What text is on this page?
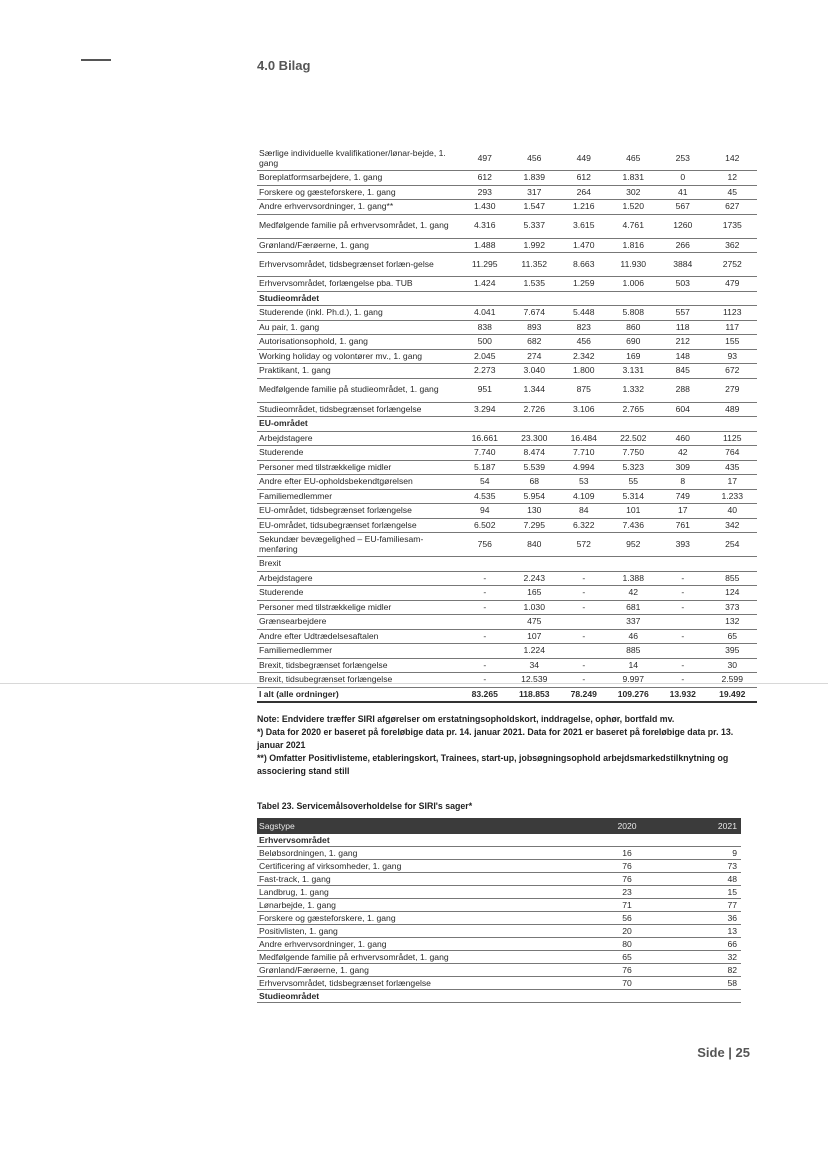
4.0 Bilag
Særlige individuelle kvalifikationer/lønar-bejde, 1. gang	497	456	449	465	253	142
Boreplatformsarbejdere, 1. gang	612	1.839	612	1.831	0	12
Forskere og gæsteforskere, 1. gang	293	317	264	302	41	45
Andre erhvervsordninger, 1. gang**	1.430	1.547	1.216	1.520	567	627
Medfølgende familie på erhvervsområdet, 1. gang	4.316	5.337	3.615	4.761	1260	1735
Grønland/Færøerne, 1. gang	1.488	1.992	1.470	1.816	266	362
Erhvervsområdet, tidsbegrænset forlæn-gelse	11.295	11.352	8.663	11.930	3884	2752
Erhvervsområdet, forlængelse pba. TUB	1.424	1.535	1.259	1.006	503	479
Studieområdet						
Studerende (inkl. Ph.d.), 1. gang	4.041	7.674	5.448	5.808	557	1123
Au pair, 1. gang	838	893	823	860	118	117
Autorisationsophold, 1. gang	500	682	456	690	212	155
Working holiday og volontører mv., 1. gang	2.045	274	2.342	169	148	93
Praktikant, 1. gang	2.273	3.040	1.800	3.131	845	672
Medfølgende familie på studieområdet, 1. gang	951	1.344	875	1.332	288	279
Studieområdet, tidsbegrænset forlængelse	3.294	2.726	3.106	2.765	604	489
EU-området						
Arbejdstagere	16.661	23.300	16.484	22.502	460	1125
Studerende	7.740	8.474	7.710	7.750	42	764
Personer med tilstrækkelige midler	5.187	5.539	4.994	5.323	309	435
Andre efter EU-opholdsbekendtgørelsen	54	68	53	55	8	17
Familiemedlemmer	4.535	5.954	4.109	5.314	749	1.233
EU-området, tidsbegrænset forlængelse	94	130	84	101	17	40
EU-området, tidsubegrænset forlængelse	6.502	7.295	6.322	7.436	761	342
Sekundær bevægelighed – EU-familiesam-menføring	756	840	572	952	393	254
Brexit						
Arbejdstagere	-	2.243	-	1.388	-	855
Studerende	-	165	-	42	-	124
Personer med tilstrækkelige midler	-	1.030	-	681	-	373
Grænsearbejdere		475		337		132
Andre efter Udtrædelsesaftalen	-	107	-	46	-	65
Familiemedlemmer		1.224		885		395
Brexit, tidsbegrænset forlængelse	-	34	-	14	-	30
Brexit, tidsubegrænset forlængelse	-	12.539	-	9.997	-	2.599
I alt (alle ordninger)	83.265	118.853	78.249	109.276	13.932	19.492

Note: Endvidere træffer SIRI afgørelser om erstatningsopholdskort, inddragelse, ophør, bortfald mv.

*) Data for 2020 er baseret på foreløbige data pr. 14. januar 2021. Data for 2021 er baseret på foreløbige data pr. 13. januar 2021

**) Omfatter Positivlisteme, etableringskort, Trainees, start-up, jobsøgningsophold arbejdsmarkedstilknytning og associering stand still

Tabel 23. Servicemålsoverholdelse for SIRI's sager*
Sagstype	2020	2021
Erhvervsområdet		
Beløbsordningen, 1. gang	16	9
Certificering af virksomheder, 1. gang	76	73
Fast-track, 1. gang	76	48
Landbrug, 1. gang	23	15
Lønarbejde, 1. gang	71	77
Forskere og gæsteforskere, 1. gang	56	36
Positivlisten, 1. gang	20	13
Andre erhvervsordninger, 1. gang	80	66
Medfølgende familie på erhvervsområdet, 1. gang	65	32
Grønland/Færøerne, 1. gang	76	82
Erhvervsområdet, tidsbegrænset forlængelse	70	58
Studieområdet		
Side | 25
